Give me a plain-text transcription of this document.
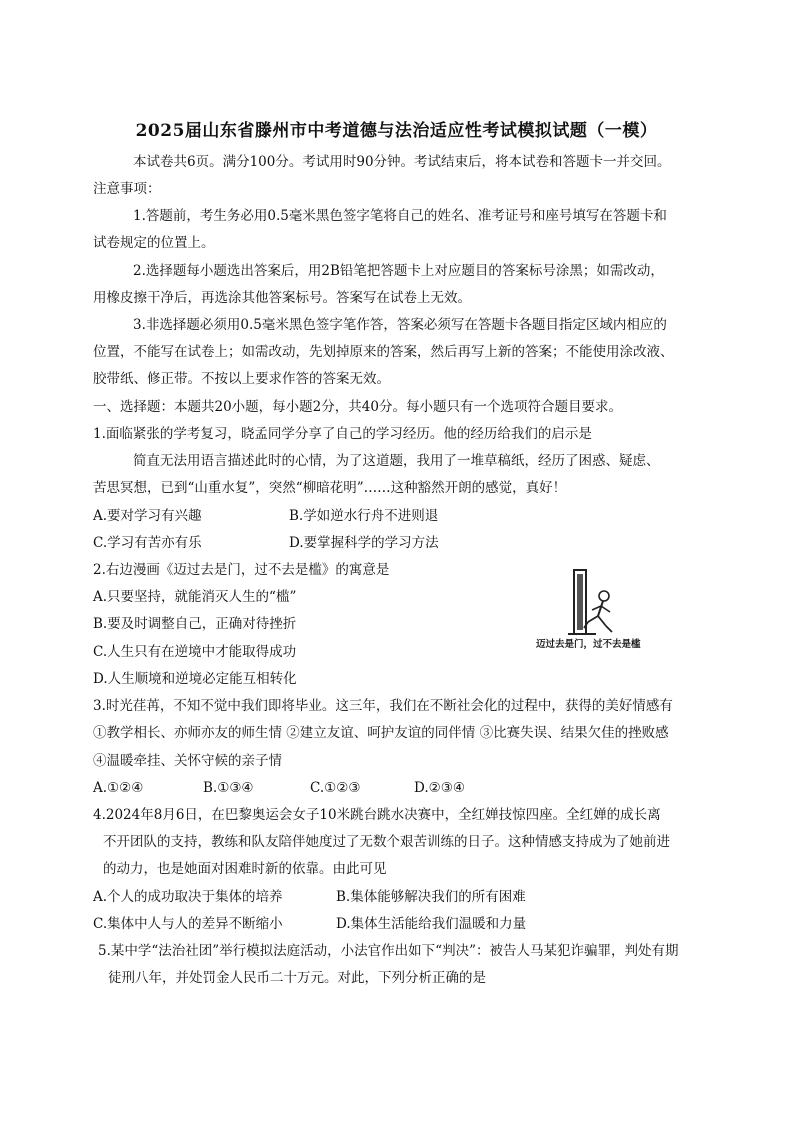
2025届山东省滕州市中考道德与法治适应性考试模拟试题（一模）
本试卷共6页。满分100分。考试用时90分钟。考试结束后，将本试卷和答题卡一并交回。
注意事项：
1.答题前，考生务必用0.5毫米黑色签字笔将自己的姓名、准考证号和座号填写在答题卡和
试卷规定的位置上。
2.选择题每小题选出答案后，用2B铅笔把答题卡上对应题目的答案标号涂黑；如需改动，
用橡皮擦干净后，再选涂其他答案标号。答案写在试卷上无效。
3.非选择题必须用0.5毫米黑色签字笔作答，答案必须写在答题卡各题目指定区域内相应的
位置，不能写在试卷上；如需改动，先划掉原来的答案，然后再写上新的答案；不能使用涂改液、
胶带纸、修正带。不按以上要求作答的答案无效。
一、选择题：本题共20小题，每小题2分，共40分。每小题只有一个选项符合题目要求。
1.面临紧张的学考复习，晓孟同学分享了自己的学习经历。他的经历给我们的启示是
简直无法用语言描述此时的心情，为了这道题，我用了一堆草稿纸，经历了困惑、疑虑、
苦思冥想，已到“山重水复”，突然“柳暗花明”……这种豁然开朗的感觉，真好！
A.要对学习有兴趣	B.学如逆水行舟不进则退
C.学习有苦亦有乐	D.要掌握科学的学习方法
2.右边漫画《迈过去是门，过不去是槛》的寓意是
A.只要坚持，就能消灭人生的“槛”
B.要及时调整自己，正确对待挫折
C.人生只有在逆境中才能取得成功
D.人生顺境和逆境必定能互相转化
迈过去是门，过不去是槛
3.时光荏苒，不知不觉中我们即将毕业。这三年，我们在不断社会化的过程中，获得的美好情感有
①教学相长、亦师亦友的师生情 ②建立友谊、呵护友谊的同伴情 ③比赛失误、结果欠佳的挫败感
④温暖牵挂、关怀守候的亲子情
A.①②④	B.①③④	C.①②③	D.②③④
4.2024年8月6日，在巴黎奥运会女子10米跳台跳水决赛中，全红婵技惊四座。全红婵的成长离
不开团队的支持，教练和队友陪伴她度过了无数个艰苦训练的日子。这种情感支持成为了她前进
的动力，也是她面对困难时新的依靠。由此可见
A.个人的成功取决于集体的培养	B.集体能够解决我们的所有困难
C.集体中人与人的差异不断缩小	D.集体生活能给我们温暖和力量
5.某中学“法治社团”举行模拟法庭活动，小法官作出如下“判决”：被告人马某犯诈骗罪，判处有期
徒刑八年，并处罚金人民币二十万元。对此，下列分析正确的是
